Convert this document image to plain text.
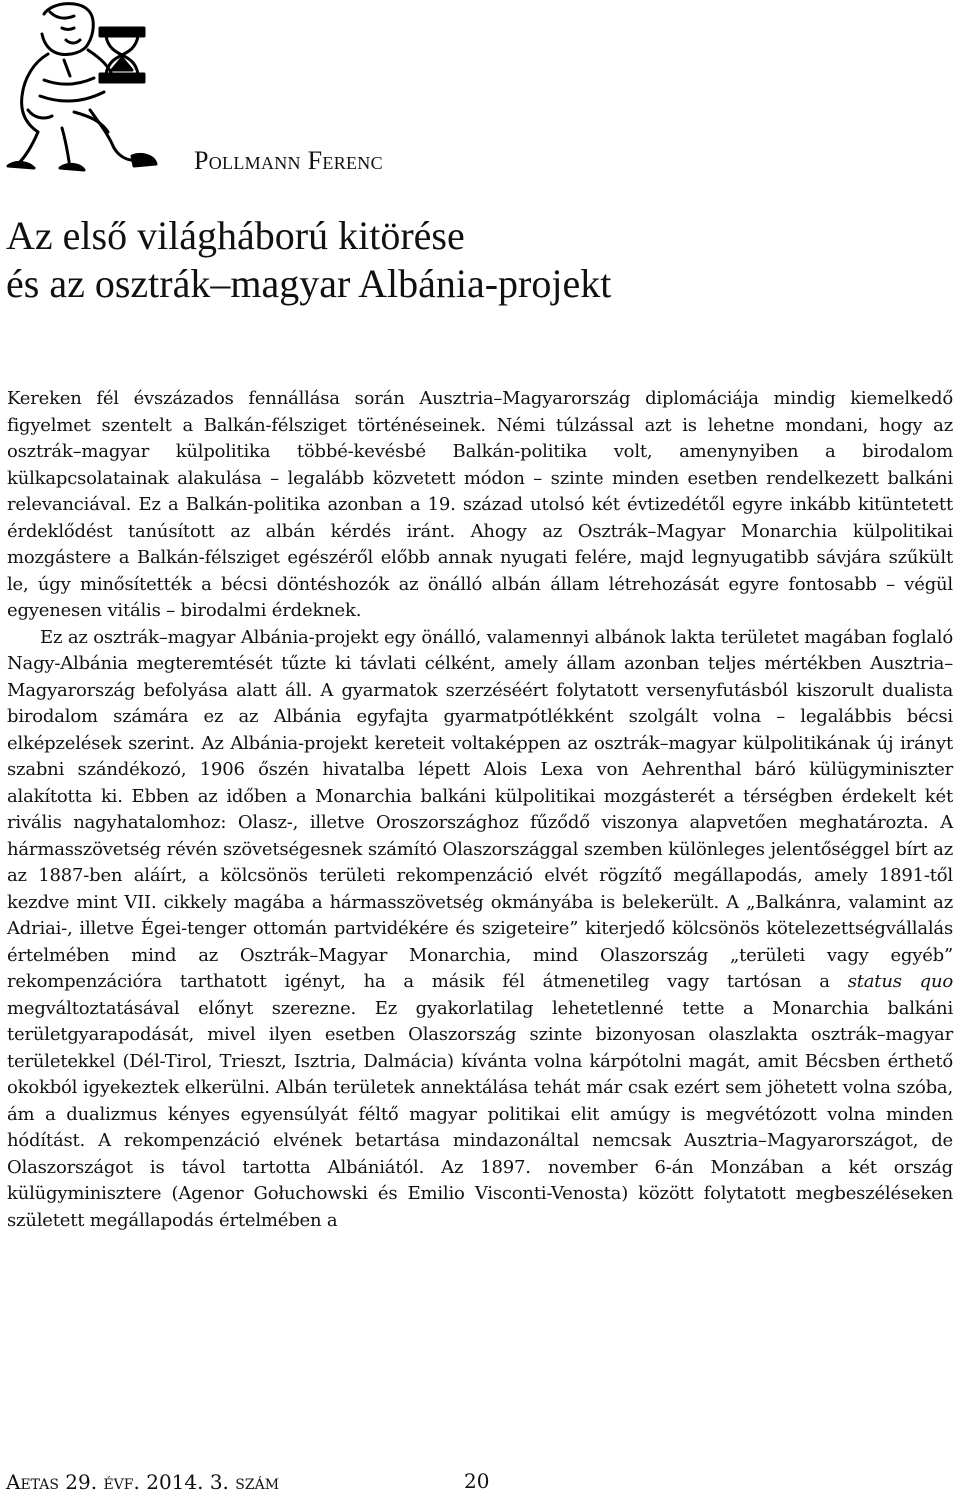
Pollmann Ferenc
Az első világháború kitörése
és az osztrák–magyar Albánia-projekt

Kereken fél évszázados fennállása során Ausztria–Magyarország diplomáciája mindig kiemelkedő figyelmet szentelt a Balkán-félsziget történéseinek. Némi túlzással azt is lehetne mondani, hogy az osztrák–magyar külpolitika többé-kevésbé Balkán-politika volt, amenynyiben a birodalom külkapcsolatainak alakulása – legalább közvetett módon – szinte minden esetben rendelkezett balkáni relevanciával. Ez a Balkán-politika azonban a 19. század utolsó két évtizedétől egyre inkább kitüntetett érdeklődést tanúsított az albán kérdés iránt. Ahogy az Osztrák–Magyar Monarchia külpolitikai mozgástere a Balkán-félsziget egészéről előbb annak nyugati felére, majd legnyugatibb sávjára szűkült le, úgy minősítették a bécsi döntéshozók az önálló albán állam létrehozását egyre fontosabb – végül egyenesen vitális – birodalmi érdeknek.

Ez az osztrák–magyar Albánia-projekt egy önálló, valamennyi albánok lakta területet magában foglaló Nagy-Albánia megteremtését tűzte ki távlati célként, amely állam azonban teljes mértékben Ausztria–Magyarország befolyása alatt áll. A gyarmatok szerzéséért folytatott versenyfutásból kiszorult dualista birodalom számára ez az Albánia egyfajta gyarmatpótlékként szolgált volna – legalábbis bécsi elképzelések szerint. Az Albánia-projekt kereteit voltaképpen az osztrák–magyar külpolitikának új irányt szabni szándékozó, 1906 őszén hivatalba lépett Alois Lexa von Aehrenthal báró külügyminiszter alakította ki. Ebben az időben a Monarchia balkáni külpolitikai mozgásterét a térségben érdekelt két rivális nagyhatalomhoz: Olasz-, illetve Oroszországhoz fűződő viszonya alapvetően meghatározta. A hármasszövetség révén szövetségesnek számító Olaszországgal szemben különleges jelentőséggel bírt az az 1887-ben aláírt, a kölcsönös területi rekompenzáció elvét rögzítő megállapodás, amely 1891-től kezdve mint VII. cikkely magába a hármasszövetség okmányába is belekerült. A „Balkánra, valamint az Adriai-, illetve Égei-tenger ottomán partvidékére és szigeteire” kiterjedő kölcsönös kötelezettségvállalás értelmében mind az Osztrák–Magyar Monarchia, mind Olaszország „területi vagy egyéb” rekompenzációra tarthatott igényt, ha a másik fél átmenetileg vagy tartósan a status quo megváltoztatásával előnyt szerezne. Ez gyakorlatilag lehetetlenné tette a Monarchia balkáni területgyarapodását, mivel ilyen esetben Olaszország szinte bizonyosan olaszlakta osztrák–magyar területekkel (Dél-Tirol, Trieszt, Isztria, Dalmácia) kívánta volna kárpótolni magát, amit Bécsben érthető okokból igyekeztek elkerülni. Albán területek annektálása tehát már csak ezért sem jöhetett volna szóba, ám a dualizmus kényes egyensúlyát féltő magyar politikai elit amúgy is megvétózott volna minden hódítást. A rekompenzáció elvének betartása mindazonáltal nemcsak Ausztria–Magyarországot, de Olaszországot is távol tartotta Albániától. Az 1897. november 6-án Monzában a két ország külügyminisztere (Agenor Gołuchowski és Emilio Visconti-Venosta) között folytatott megbeszéléseken született megállapodás értelmében a

Aetas 29. évf. 2014. 3. szám	20
